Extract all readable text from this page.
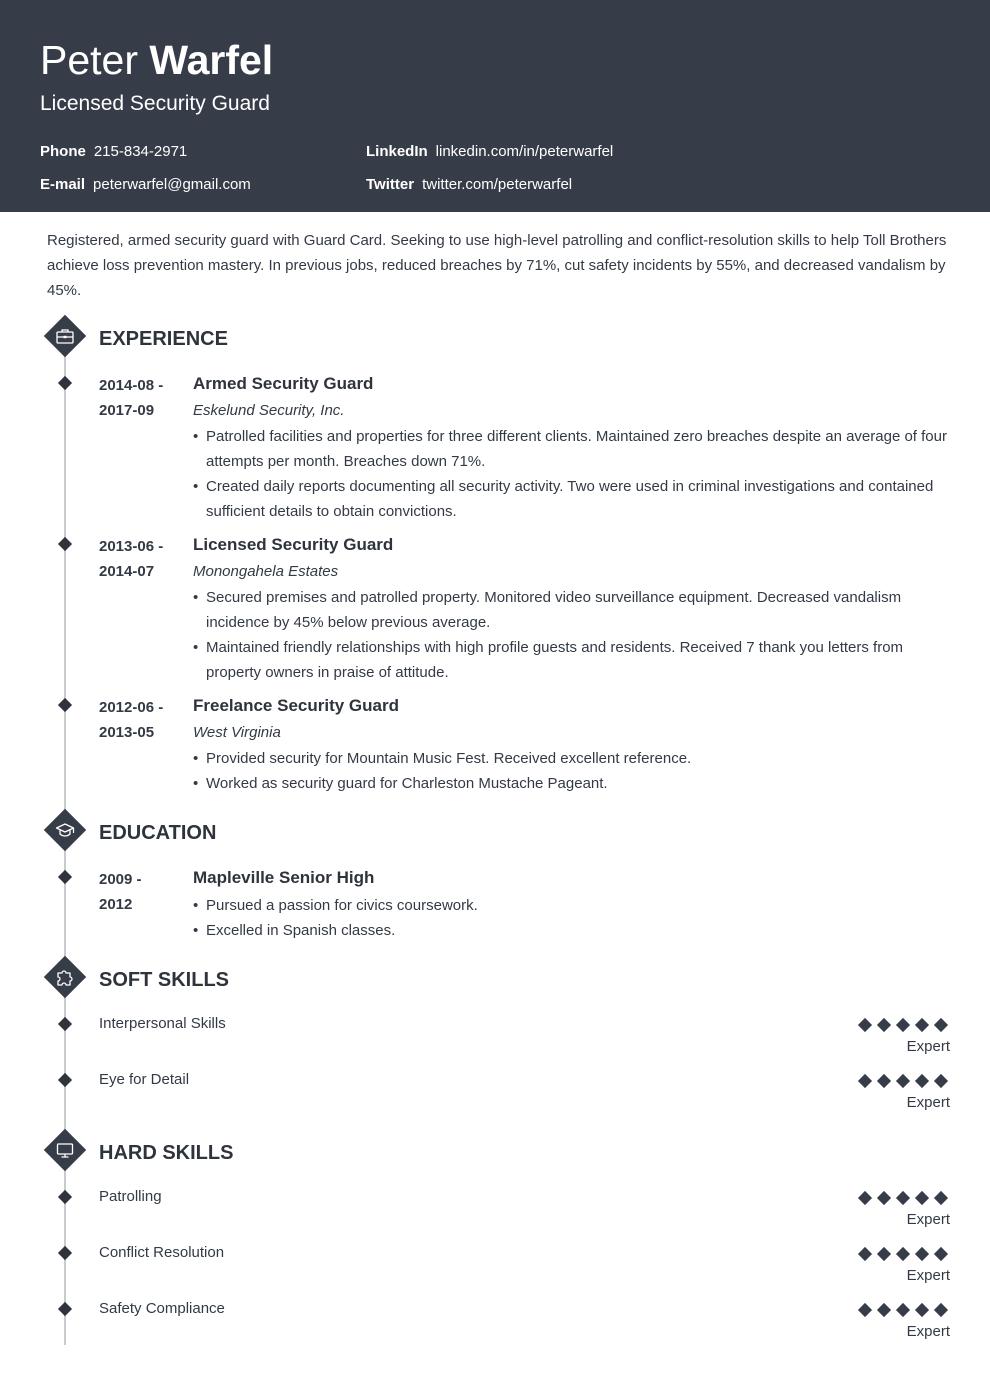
Peter Warfel
Licensed Security Guard
Phone 215-834-2971	LinkedIn linkedin.com/in/peterwarfel
E-mail peterwarfel@gmail.com	Twitter twitter.com/peterwarfel

Registered, armed security guard with Guard Card. Seeking to use high-level patrolling and conflict-resolution skills to help Toll Brothers achieve loss prevention mastery. In previous jobs, reduced breaches by 71%, cut safety incidents by 55%, and decreased vandalism by 45%.

EXPERIENCE
2014-08 -
2017-09
Armed Security Guard
Eskelund Security, Inc.
• Patrolled facilities and properties for three different clients. Maintained zero breaches despite an average of four attempts per month. Breaches down 71%.
• Created daily reports documenting all security activity. Two were used in criminal investigations and contained sufficient details to obtain convictions.
2013-06 -
2014-07
Licensed Security Guard
Monongahela Estates
• Secured premises and patrolled property. Monitored video surveillance equipment. Decreased vandalism incidence by 45% below previous average.
• Maintained friendly relationships with high profile guests and residents. Received 7 thank you letters from property owners in praise of attitude.
2012-06 -
2013-05
Freelance Security Guard
West Virginia
• Provided security for Mountain Music Fest. Received excellent reference.
• Worked as security guard for Charleston Mustache Pageant.
EDUCATION
2009 -
2012
Mapleville Senior High
• Pursued a passion for civics coursework.
• Excelled in Spanish classes.
SOFT SKILLS
Interpersonal Skills
Expert
Eye for Detail
Expert
HARD SKILLS
Patrolling
Expert
Conflict Resolution
Expert
Safety Compliance
Expert
